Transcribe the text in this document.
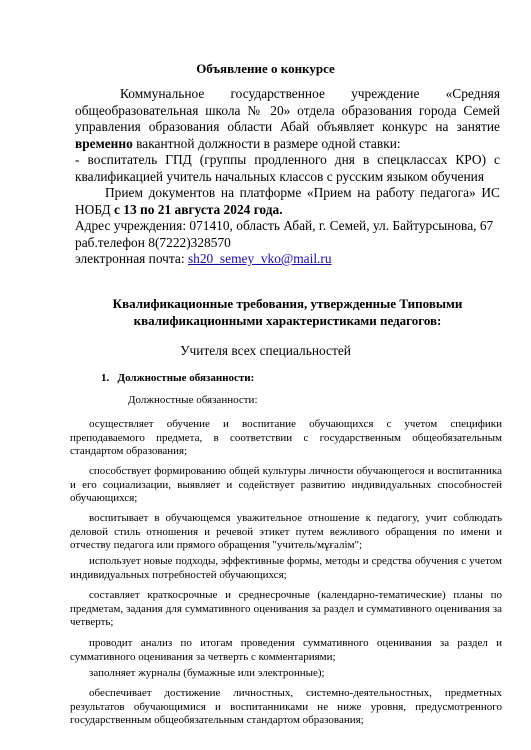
Объявление о конкурсе

Коммунальное государственное учреждение «Средняя

общеобразовательная школа № 20» отдела образования города Семей

управления образования области Абай объявляет конкурс на занятие

временно вакантной должности в размере одной ставки:

- воспитатель ГПД (группы продленного дня в спецклассах КРО) с

квалификацией учитель начальных классов с русским языком обучения

Прием документов на платформе «Прием на работу педагога» ИС

НОБД с 13 по 21 августа 2024 года.

Адрес учреждения: 071410, область Абай, г. Семей, ул. Байтурсынова, 67

раб.телефон 8(7222)328570

электронная почта: sh20_semey_vko@mail.ru

Квалификационные требования, утвержденные Типовыми
квалификационными характеристиками педагогов:
Учителя всех специальностей
1. Должностные обязанности:
Должностные обязанности:

осуществляет обучение и воспитание обучающихся с учетом специфики

преподаваемого предмета, в соответствии с государственным общеобязательным стандартом образования;

способствует формированию общей культуры личности обучающегося и воспитанника

и его социализации, выявляет и содействует развитию индивидуальных способностей обучающихся;

воспитывает в обучающемся уважительное отношение к педагогу, учит соблюдать

деловой стиль отношения и речевой этикет путем вежливого обращения по имени и отчеству педагога или прямого обращения "учитель/мұғалім";

использует новые подходы, эффективные формы, методы и средства обучения с учетом

индивидуальных потребностей обучающихся;

составляет краткосрочные и среднесрочные (календарно-тематические) планы по

предметам, задания для суммативного оценивания за раздел и суммативного оценивания за четверть;

проводит анализ по итогам проведения суммативного оценивания за раздел и

суммативного оценивания за четверть с комментариями;

заполняет журналы (бумажные или электронные);

обеспечивает достижение личностных, системно-деятельностных, предметных

результатов обучающимися и воспитанниками не ниже уровня, предусмотренного государственным общеобязательным стандартом образования;
